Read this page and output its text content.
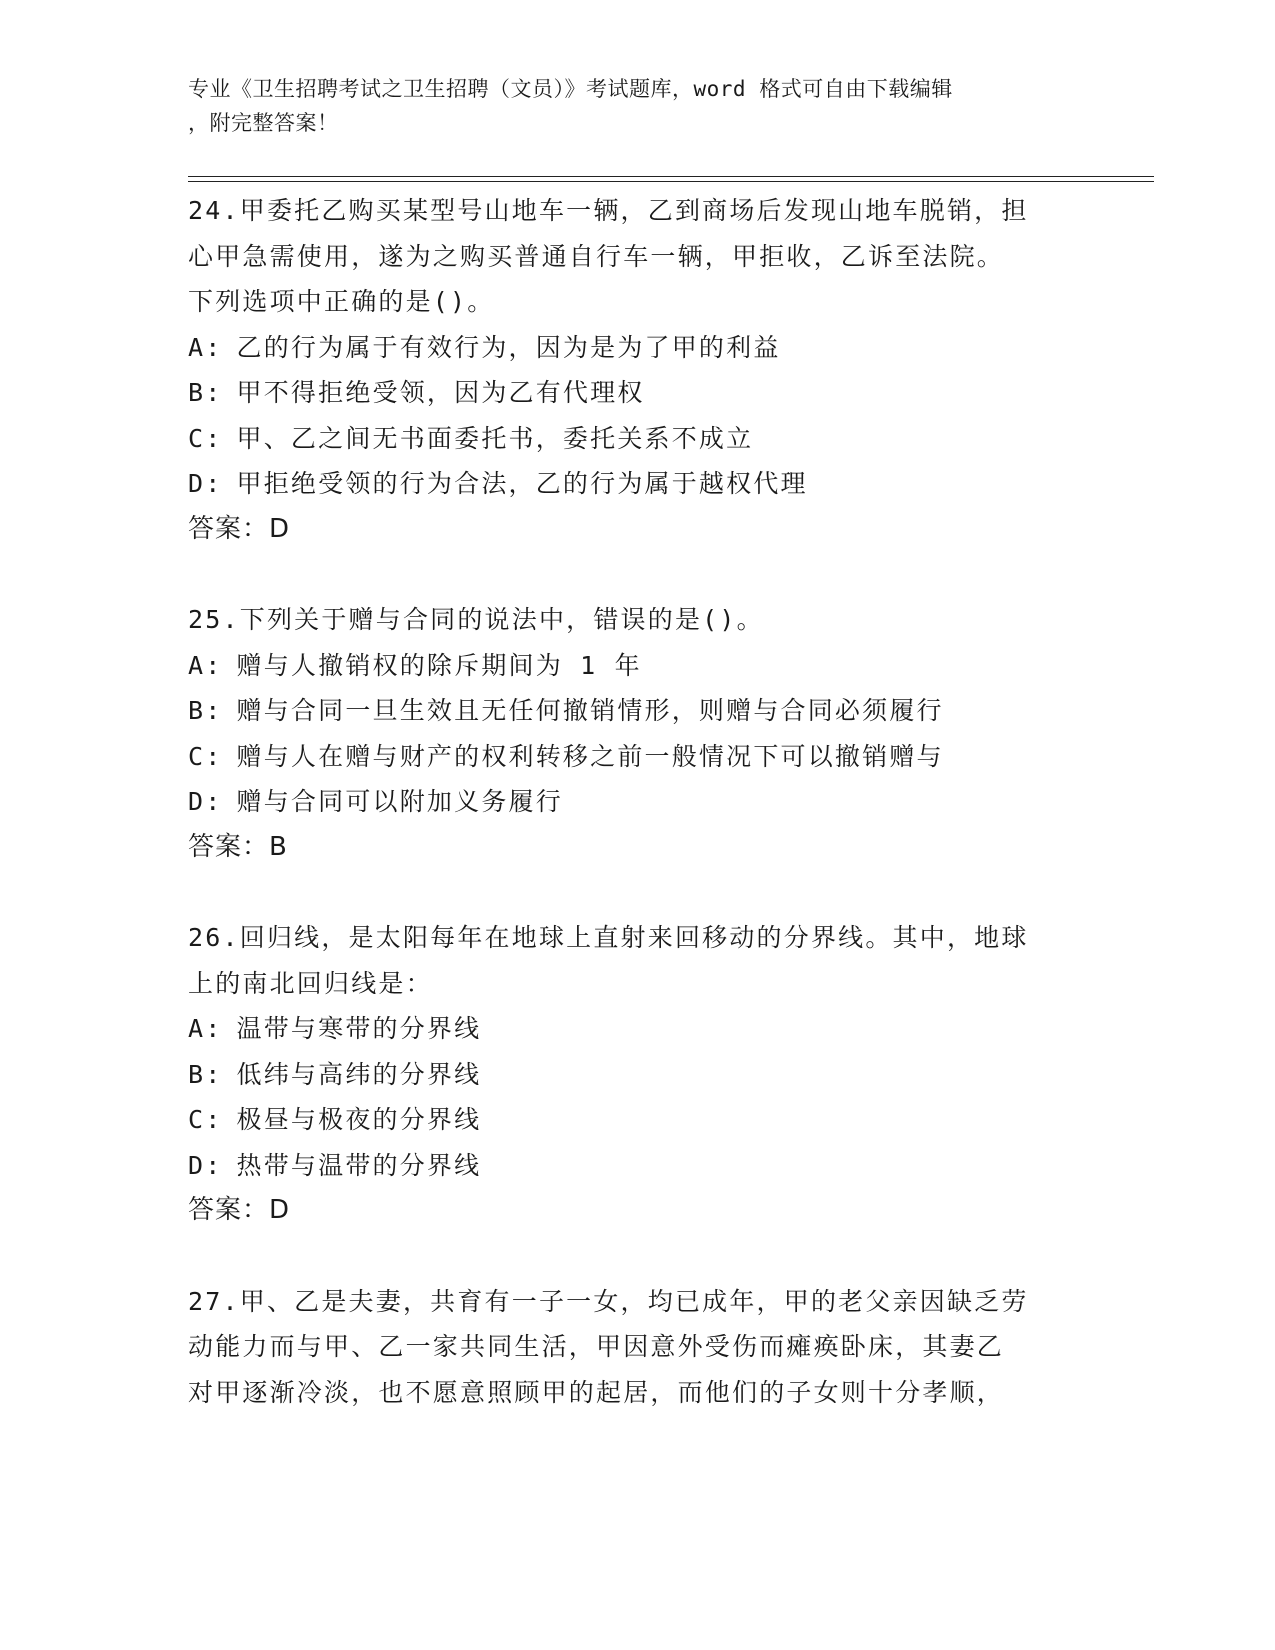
专业《卫生招聘考试之卫生招聘（文员）》考试题库，word 格式可自由下载编辑
，附完整答案！

24.甲委托乙购买某型号山地车一辆，乙到商场后发现山地车脱销，担

心甲急需使用，遂为之购买普通自行车一辆，甲拒收，乙诉至法院。

下列选项中正确的是()。

A: 乙的行为属于有效行为，因为是为了甲的利益

B: 甲不得拒绝受领，因为乙有代理权

C: 甲、乙之间无书面委托书，委托关系不成立

D: 甲拒绝受领的行为合法，乙的行为属于越权代理

答案：D

25.下列关于赠与合同的说法中，错误的是()。

A: 赠与人撤销权的除斥期间为 1 年

B: 赠与合同一旦生效且无任何撤销情形，则赠与合同必须履行

C: 赠与人在赠与财产的权利转移之前一般情况下可以撤销赠与

D: 赠与合同可以附加义务履行

答案：B

26.回归线，是太阳每年在地球上直射来回移动的分界线。其中，地球

上的南北回归线是：

A: 温带与寒带的分界线

B: 低纬与高纬的分界线

C: 极昼与极夜的分界线

D: 热带与温带的分界线

答案：D

27.甲、乙是夫妻，共育有一子一女，均已成年，甲的老父亲因缺乏劳

动能力而与甲、乙一家共同生活，甲因意外受伤而瘫痪卧床，其妻乙

对甲逐渐冷淡，也不愿意照顾甲的起居，而他们的子女则十分孝顺，
